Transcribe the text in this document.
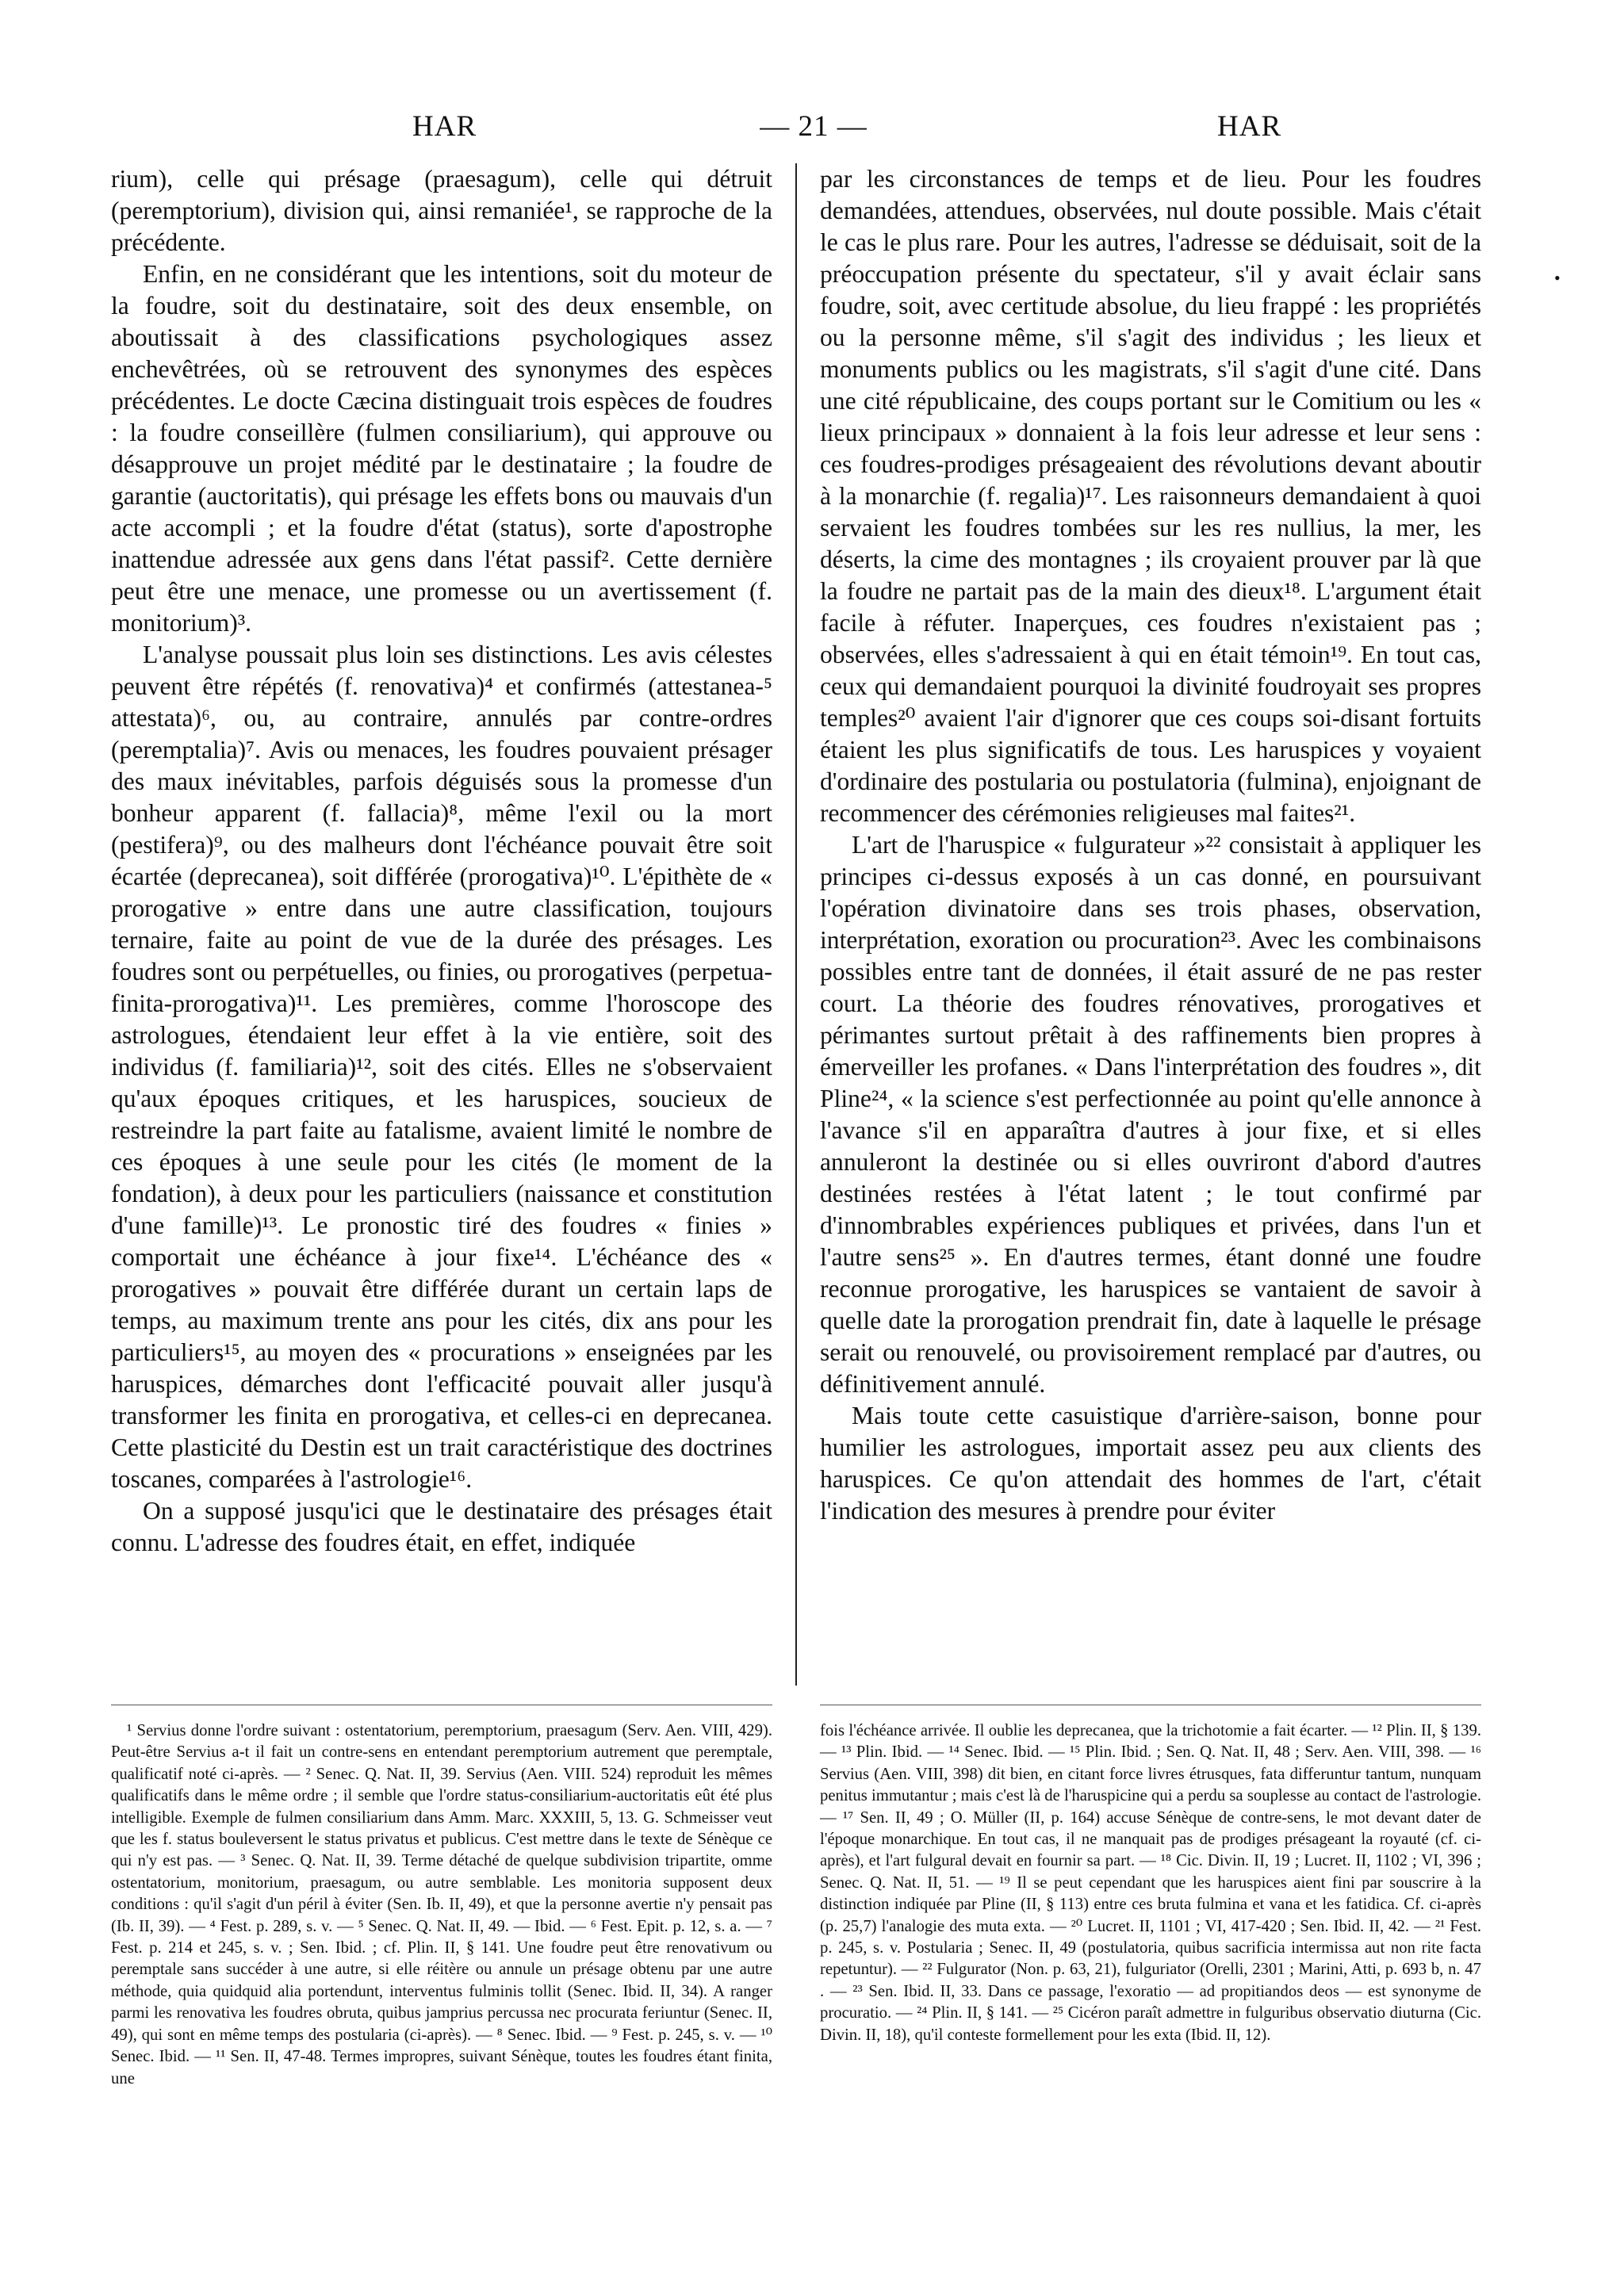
HAR	— 21 —	HAR

rium), celle qui présage (praesagum), celle qui détruit (peremptorium), division qui, ainsi remaniée¹, se rapproche de la précédente.

Enfin, en ne considérant que les intentions, soit du moteur de la foudre, soit du destinataire, soit des deux ensemble, on aboutissait à des classifications psychologiques assez enchevêtrées, où se retrouvent des synonymes des espèces précédentes. Le docte Cæcina distinguait trois espèces de foudres : la foudre conseillère (fulmen consiliarium), qui approuve ou désapprouve un projet médité par le destinataire ; la foudre de garantie (auctoritatis), qui présage les effets bons ou mauvais d'un acte accompli ; et la foudre d'état (status), sorte d'apostrophe inattendue adressée aux gens dans l'état passif². Cette dernière peut être une menace, une promesse ou un avertissement (f. monitorium)³.

L'analyse poussait plus loin ses distinctions. Les avis célestes peuvent être répétés (f. renovativa)⁴ et confirmés (attestanea-⁵ attestata)⁶, ou, au contraire, annulés par contre-ordres (peremptalia)⁷. Avis ou menaces, les foudres pouvaient présager des maux inévitables, parfois déguisés sous la promesse d'un bonheur apparent (f. fallacia)⁸, même l'exil ou la mort (pestifera)⁹, ou des malheurs dont l'échéance pouvait être soit écartée (deprecanea), soit différée (prorogativa)¹⁰. L'épithète de « prorogative » entre dans une autre classification, toujours ternaire, faite au point de vue de la durée des présages. Les foudres sont ou perpétuelles, ou finies, ou prorogatives (perpetua-finita-prorogativa)¹¹. Les premières, comme l'horoscope des astrologues, étendaient leur effet à la vie entière, soit des individus (f. familiaria)¹², soit des cités. Elles ne s'observaient qu'aux époques critiques, et les haruspices, soucieux de restreindre la part faite au fatalisme, avaient limité le nombre de ces époques à une seule pour les cités (le moment de la fondation), à deux pour les particuliers (naissance et constitution d'une famille)¹³. Le pronostic tiré des foudres « finies » comportait une échéance à jour fixe¹⁴. L'échéance des « prorogatives » pouvait être différée durant un certain laps de temps, au maximum trente ans pour les cités, dix ans pour les particuliers¹⁵, au moyen des « procurations » enseignées par les haruspices, démarches dont l'efficacité pouvait aller jusqu'à transformer les finita en prorogativa, et celles-ci en deprecanea. Cette plasticité du Destin est un trait caractéristique des doctrines toscanes, comparées à l'astrologie¹⁶.

On a supposé jusqu'ici que le destinataire des présages était connu. L'adresse des foudres était, en effet, indiquée

par les circonstances de temps et de lieu. Pour les foudres demandées, attendues, observées, nul doute possible. Mais c'était le cas le plus rare. Pour les autres, l'adresse se déduisait, soit de la préoccupation présente du spectateur, s'il y avait éclair sans foudre, soit, avec certitude absolue, du lieu frappé : les propriétés ou la personne même, s'il s'agit des individus ; les lieux et monuments publics ou les magistrats, s'il s'agit d'une cité. Dans une cité républicaine, des coups portant sur le Comitium ou les « lieux principaux » donnaient à la fois leur adresse et leur sens : ces foudres-prodiges présageaient des révolutions devant aboutir à la monarchie (f. regalia)¹⁷. Les raisonneurs demandaient à quoi servaient les foudres tombées sur les res nullius, la mer, les déserts, la cime des montagnes ; ils croyaient prouver par là que la foudre ne partait pas de la main des dieux¹⁸. L'argument était facile à réfuter. Inaperçues, ces foudres n'existaient pas ; observées, elles s'adressaient à qui en était témoin¹⁹. En tout cas, ceux qui demandaient pourquoi la divinité foudroyait ses propres temples²⁰ avaient l'air d'ignorer que ces coups soi-disant fortuits étaient les plus significatifs de tous. Les haruspices y voyaient d'ordinaire des postularia ou postulatoria (fulmina), enjoignant de recommencer des cérémonies religieuses mal faites²¹.

L'art de l'haruspice « fulgurateur »²² consistait à appliquer les principes ci-dessus exposés à un cas donné, en poursuivant l'opération divinatoire dans ses trois phases, observation, interprétation, exoration ou procuration²³. Avec les combinaisons possibles entre tant de données, il était assuré de ne pas rester court. La théorie des foudres rénovatives, prorogatives et périmantes surtout prêtait à des raffinements bien propres à émerveiller les profanes. « Dans l'interprétation des foudres », dit Pline²⁴, « la science s'est perfectionnée au point qu'elle annonce à l'avance s'il en apparaîtra d'autres à jour fixe, et si elles annuleront la destinée ou si elles ouvriront d'abord d'autres destinées restées à l'état latent ; le tout confirmé par d'innombrables expériences publiques et privées, dans l'un et l'autre sens²⁵ ». En d'autres termes, étant donné une foudre reconnue prorogative, les haruspices se vantaient de savoir à quelle date la prorogation prendrait fin, date à laquelle le présage serait ou renouvelé, ou provisoirement remplacé par d'autres, ou définitivement annulé.

Mais toute cette casuistique d'arrière-saison, bonne pour humilier les astrologues, importait assez peu aux clients des haruspices. Ce qu'on attendait des hommes de l'art, c'était l'indication des mesures à prendre pour éviter

•

¹ Servius donne l'ordre suivant : ostentatorium, peremptorium, praesagum (Serv. Aen. VIII, 429). Peut-être Servius a-t il fait un contre-sens en entendant peremptorium autrement que peremptale, qualificatif noté ci-après. — ² Senec. Q. Nat. II, 39. Servius (Aen. VIII. 524) reproduit les mêmes qualificatifs dans le même ordre ; il semble que l'ordre status-consiliarium-auctoritatis eût été plus intelligible. Exemple de fulmen consiliarium dans Amm. Marc. XXXIII, 5, 13. G. Schmeisser veut que les f. status bouleversent le status privatus et publicus. C'est mettre dans le texte de Sénèque ce qui n'y est pas. — ³ Senec. Q. Nat. II, 39. Terme détaché de quelque subdivision tripartite, omme ostentatorium, monitorium, praesagum, ou autre semblable. Les monitoria supposent deux conditions : qu'il s'agit d'un péril à éviter (Sen. Ib. II, 49), et que la personne avertie n'y pensait pas (Ib. II, 39). — ⁴ Fest. p. 289, s. v. — ⁵ Senec. Q. Nat. II, 49. — Ibid. — ⁶ Fest. Epit. p. 12, s. a. — ⁷ Fest. p. 214 et 245, s. v. ; Sen. Ibid. ; cf. Plin. II, § 141. Une foudre peut être renovativum ou peremptale sans succéder à une autre, si elle réitère ou annule un présage obtenu par une autre méthode, quia quidquid alia portendunt, interventus fulminis tollit (Senec. Ibid. II, 34). A ranger parmi les renovativa les foudres obruta, quibus jamprius percussa nec procurata feriuntur (Senec. II, 49), qui sont en même temps des postularia (ci-après). — ⁸ Senec. Ibid. — ⁹ Fest. p. 245, s. v. — ¹⁰ Senec. Ibid. — ¹¹ Sen. II, 47-48. Termes impropres, suivant Sénèque, toutes les foudres étant finita, une

fois l'échéance arrivée. Il oublie les deprecanea, que la trichotomie a fait écarter. — ¹² Plin. II, § 139. — ¹³ Plin. Ibid. — ¹⁴ Senec. Ibid. — ¹⁵ Plin. Ibid. ; Sen. Q. Nat. II, 48 ; Serv. Aen. VIII, 398. — ¹⁶ Servius (Aen. VIII, 398) dit bien, en citant force livres étrusques, fata differuntur tantum, nunquam penitus immutantur ; mais c'est là de l'haruspicine qui a perdu sa souplesse au contact de l'astrologie. — ¹⁷ Sen. II, 49 ; O. Müller (II, p. 164) accuse Sénèque de contre-sens, le mot devant dater de l'époque monarchique. En tout cas, il ne manquait pas de prodiges présageant la royauté (cf. ci-après), et l'art fulgural devait en fournir sa part. — ¹⁸ Cic. Divin. II, 19 ; Lucret. II, 1102 ; VI, 396 ; Senec. Q. Nat. II, 51. — ¹⁹ Il se peut cependant que les haruspices aient fini par souscrire à la distinction indiquée par Pline (II, § 113) entre ces bruta fulmina et vana et les fatidica. Cf. ci-après (p. 25,7) l'analogie des muta exta. — ²⁰ Lucret. II, 1101 ; VI, 417-420 ; Sen. Ibid. II, 42. — ²¹ Fest. p. 245, s. v. Postularia ; Senec. II, 49 (postulatoria, quibus sacrificia intermissa aut non rite facta repetuntur). — ²² Fulgurator (Non. p. 63, 21), fulguriator (Orelli, 2301 ; Marini, Atti, p. 693 b, n. 47 . — ²³ Sen. Ibid. II, 33. Dans ce passage, l'exoratio — ad propitiandos deos — est synonyme de procuratio. — ²⁴ Plin. II, § 141. — ²⁵ Cicéron paraît admettre in fulguribus observatio diuturna (Cic. Divin. II, 18), qu'il conteste formellement pour les exta (Ibid. II, 12).
